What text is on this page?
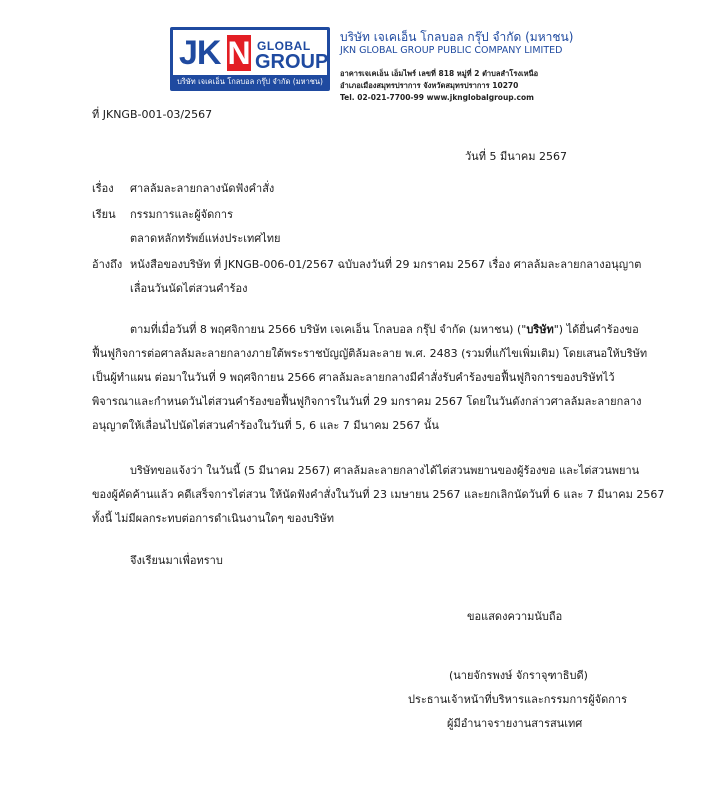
JK N GLOBAL
GROUP
บริษัท เจเคเอ็น โกลบอล กรุ๊ป จำกัด (มหาชน)
บริษัท เจเคเอ็น โกลบอล กรุ๊ป จำกัด (มหาชน)
JKN GLOBAL GROUP PUBLIC COMPANY LIMITED
อาคารเจเคเอ็น เอ็มไพร์ เลขที่ 818 หมู่ที่ 2 ตำบลสำโรงเหนือ
อำเภอเมืองสมุทรปราการ จังหวัดสมุทรปราการ 10270
Tel. 02-021-7700-99 www.jknglobalgroup.com
ที่ JKNGB-001-03/2567
วันที่ 5 มีนาคม 2567
เรื่อง ศาลล้มละลายกลางนัดฟังคำสั่ง
เรียน กรรมการและผู้จัดการ
ตลาดหลักทรัพย์แห่งประเทศไทย
อ้างถึง หนังสือของบริษัท ที่ JKNGB-006-01/2567 ฉบับลงวันที่ 29 มกราคม 2567 เรื่อง ศาลล้มละลายกลางอนุญาต
เลื่อนวันนัดไต่สวนคำร้อง
ตามที่เมื่อวันที่ 8 พฤศจิกายน 2566 บริษัท เจเคเอ็น โกลบอล กรุ๊ป จำกัด (มหาชน) ("บริษัท") ได้ยื่นคำร้องขอ
ฟื้นฟูกิจการต่อศาลล้มละลายกลางภายใต้พระราชบัญญัติล้มละลาย พ.ศ. 2483 (รวมที่แก้ไขเพิ่มเติม) โดยเสนอให้บริษัท
เป็นผู้ทำแผน ต่อมาในวันที่ 9 พฤศจิกายน 2566 ศาลล้มละลายกลางมีคำสั่งรับคำร้องขอฟื้นฟูกิจการของบริษัทไว้
พิจารณาและกำหนดวันไต่สวนคำร้องขอฟื้นฟูกิจการในวันที่ 29 มกราคม 2567 โดยในวันดังกล่าวศาลล้มละลายกลาง
อนุญาตให้เลื่อนไปนัดไต่สวนคำร้องในวันที่ 5, 6 และ 7 มีนาคม 2567 นั้น
บริษัทขอแจ้งว่า ในวันนี้ (5 มีนาคม 2567) ศาลล้มละลายกลางได้ไต่สวนพยานของผู้ร้องขอ และไต่สวนพยาน
ของผู้คัดค้านแล้ว คดีเสร็จการไต่สวน ให้นัดฟังคำสั่งในวันที่ 23 เมษายน 2567 และยกเลิกนัดวันที่ 6 และ 7 มีนาคม 2567
ทั้งนี้ ไม่มีผลกระทบต่อการดำเนินงานใดๆ ของบริษัท
จึงเรียนมาเพื่อทราบ
ขอแสดงความนับถือ
(นายจักรพงษ์ จักราจุฑาธิบดี)
ประธานเจ้าหน้าที่บริหารและกรรมการผู้จัดการ
ผู้มีอำนาจรายงานสารสนเทศ
